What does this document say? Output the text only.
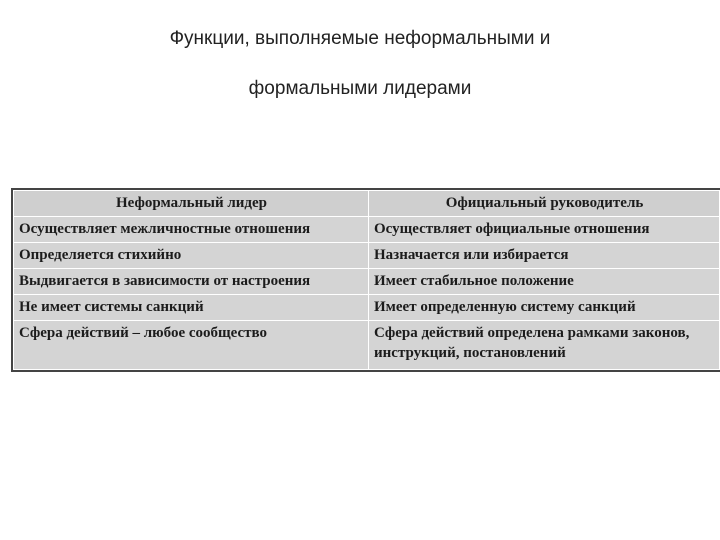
Функции, выполняемые неформальными и
формальными лидерами
Неформальный лидер	Официальный руководитель
Осуществляет межличностные отношения	Осуществляет официальные отношения
Определяется стихийно	Назначается или избирается
Выдвигается в зависимости от настроения	Имеет стабильное положение
Не имеет системы санкций	Имеет определенную систему санкций
Сфера действий – любое сообщество	Сфера действий определена рамками законов, инструкций, постановлений
